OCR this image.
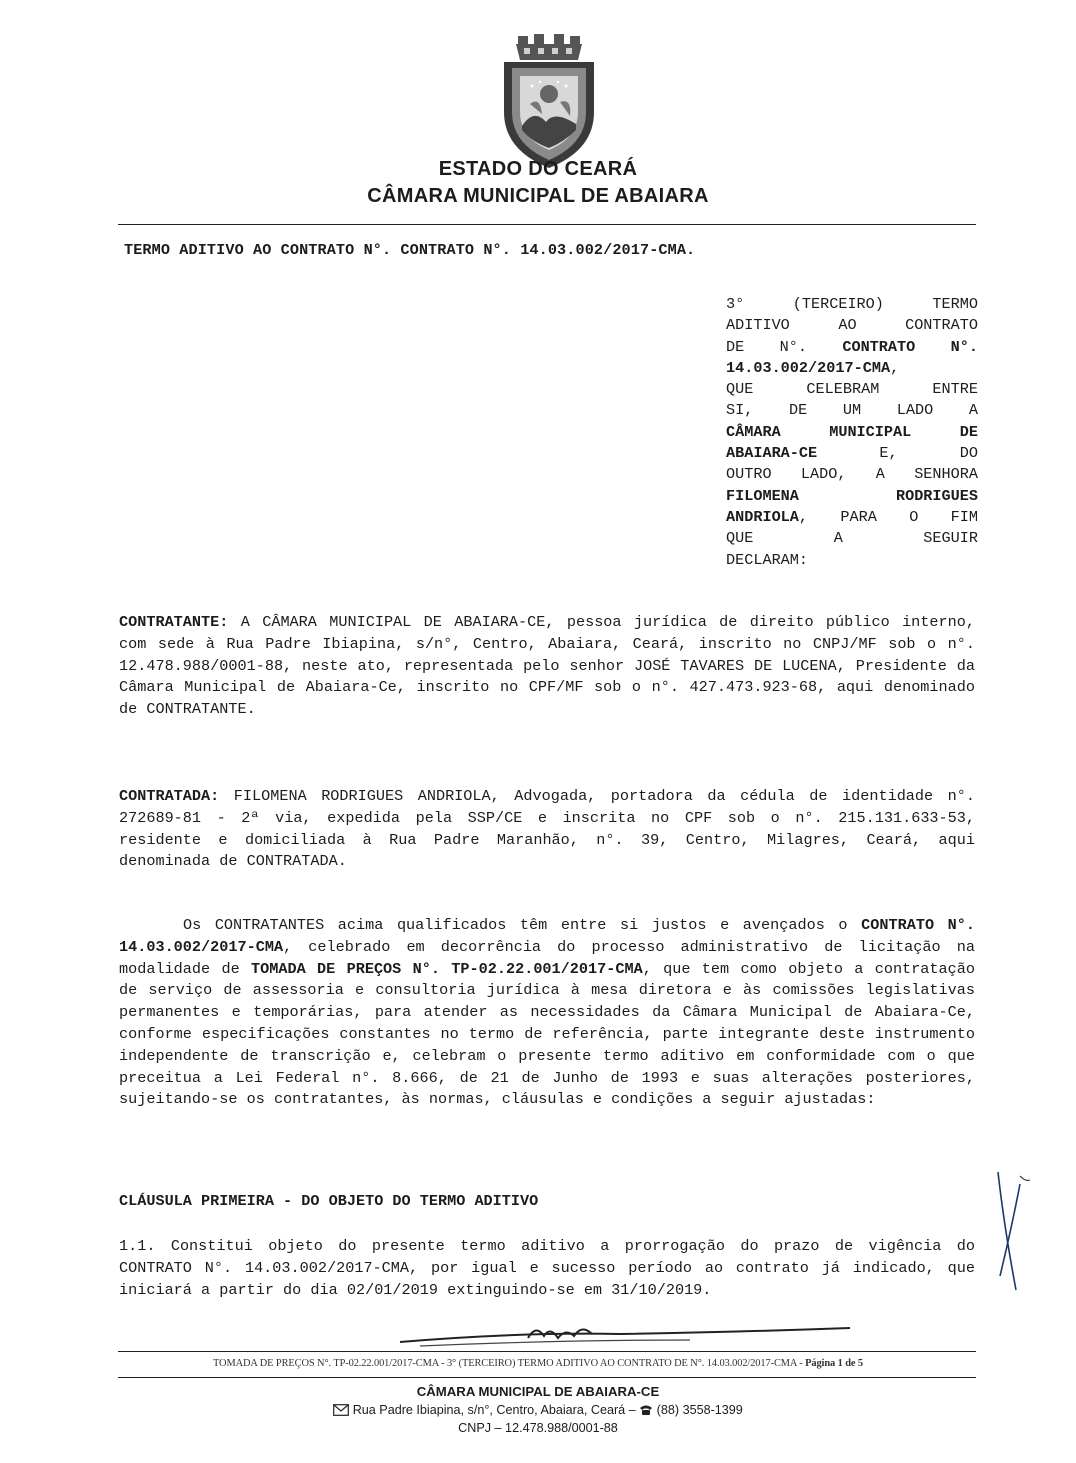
ESTADO DO CEARÁ
CÂMARA MUNICIPAL DE ABAIARA
TERMO ADITIVO AO CONTRATO N°. CONTRATO N°. 14.03.002/2017-CMA.
3° (TERCEIRO) TERMO
ADITIVO AO CONTRATO
DE N°. CONTRATO N°.
14.03.002/2017-CMA,
QUE CELEBRAM ENTRE
SI, DE UM LADO A
CÂMARA MUNICIPAL DE
ABAIARA-CE E, DO
OUTRO LADO, A SENHORA
FILOMENA RODRIGUES
ANDRIOLA, PARA O FIM
QUE A SEGUIR
DECLARAM:
CONTRATANTE: A CÂMARA MUNICIPAL DE ABAIARA-CE, pessoa jurídica de direito público interno, com sede à Rua Padre Ibiapina, s/n°, Centro, Abaiara, Ceará, inscrito no CNPJ/MF sob o n°. 12.478.988/0001-88, neste ato, representada pelo senhor JOSÉ TAVARES DE LUCENA, Presidente da Câmara Municipal de Abaiara-Ce, inscrito no CPF/MF sob o n°. 427.473.923-68, aqui denominado de CONTRATANTE.
CONTRATADA: FILOMENA RODRIGUES ANDRIOLA, Advogada, portadora da cédula de identidade n°. 272689-81 - 2ª via, expedida pela SSP/CE e inscrita no CPF sob o n°. 215.131.633-53, residente e domiciliada à Rua Padre Maranhão, n°. 39, Centro, Milagres, Ceará, aqui denominada de CONTRATADA.
Os CONTRATANTES acima qualificados têm entre si justos e avençados o CONTRATO N°. 14.03.002/2017-CMA, celebrado em decorrência do processo administrativo de licitação na modalidade de TOMADA DE PREÇOS N°. TP-02.22.001/2017-CMA, que tem como objeto a contratação de serviço de assessoria e consultoria jurídica à mesa diretora e às comissões legislativas permanentes e temporárias, para atender as necessidades da Câmara Municipal de Abaiara-Ce, conforme especificações constantes no termo de referência, parte integrante deste instrumento independente de transcrição e, celebram o presente termo aditivo em conformidade com o que preceitua a Lei Federal n°. 8.666, de 21 de Junho de 1993 e suas alterações posteriores, sujeitando-se os contratantes, às normas, cláusulas e condições a seguir ajustadas:
CLÁUSULA PRIMEIRA - DO OBJETO DO TERMO ADITIVO
1.1. Constitui objeto do presente termo aditivo a prorrogação do prazo de vigência do CONTRATO N°. 14.03.002/2017-CMA, por igual e sucesso período ao contrato já indicado, que iniciará a partir do dia 02/01/2019 extinguindo-se em 31/10/2019.
TOMADA DE PREÇOS N°. TP-02.22.001/2017-CMA - 3° (TERCEIRO) TERMO ADITIVO AO CONTRATO DE N°. 14.03.002/2017-CMA - Página 1 de 5
CÂMARA MUNICIPAL DE ABAIARA-CE
Rua Padre Ibiapina, s/n°, Centro, Abaiara, Ceará –  (88) 3558-1399
CNPJ – 12.478.988/0001-88
